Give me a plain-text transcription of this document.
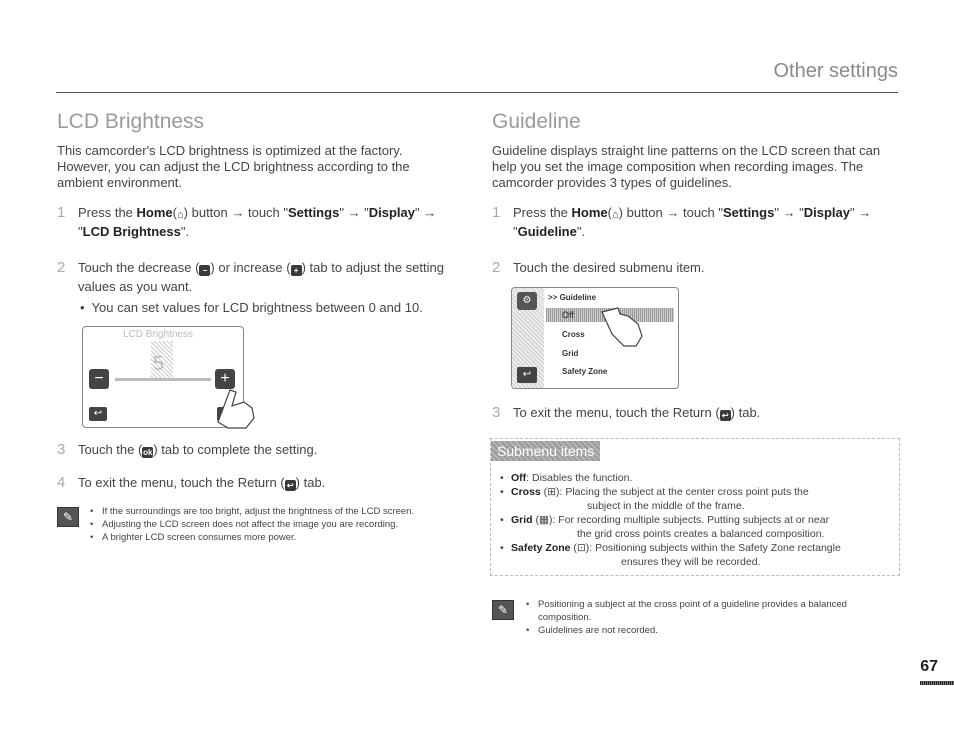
Other settings
LCD Brightness
This camcorder's LCD brightness is optimized at the factory. However, you can adjust the LCD brightness according to the ambient environment.
1 Press the Home(⌂) button → touch "Settings" → "Display" → "LCD Brightness".
2 Touch the decrease ( − ) or increase ( + ) tab to adjust the setting values as you want.
•  You can set values for LCD brightness between 0 and 10.
LCD Brightness
5
−	+
↩
3 Touch the (ok) tab to complete the setting.
4 To exit the menu, touch the Return ( ↩ ) tab.
✎	• If the surroundings are too bright, adjust the brightness of the LCD screen.
• Adjusting the LCD screen does not affect the image you are recording.
• A brighter LCD screen consumes more power.
Guideline
Guideline displays straight line patterns on the LCD screen that can help you set the image composition when recording images. The camcorder provides 3 types of guidelines.
1 Press the Home(⌂) button → touch "Settings" → "Display" → "Guideline".
2 Touch the desired submenu item.
⚙
↩
>> Guideline
Off
Cross
Grid
Safety Zone
3 To exit the menu, touch the Return ( ↩ ) tab.
Submenu items
• Off: Disables the function.
• Cross (⊞): Placing the subject at the center cross point puts the
subject in the middle of the frame.
• Grid (▦): For recording multiple subjects. Putting subjects at or near
the grid cross points creates a balanced composition.
• Safety Zone (⊡): Positioning subjects within the Safety Zone rectangle
ensures they will be recorded.
✎	• Positioning a subject at the cross point of a guideline provides a balanced composition.
• Guidelines are not recorded.
67
